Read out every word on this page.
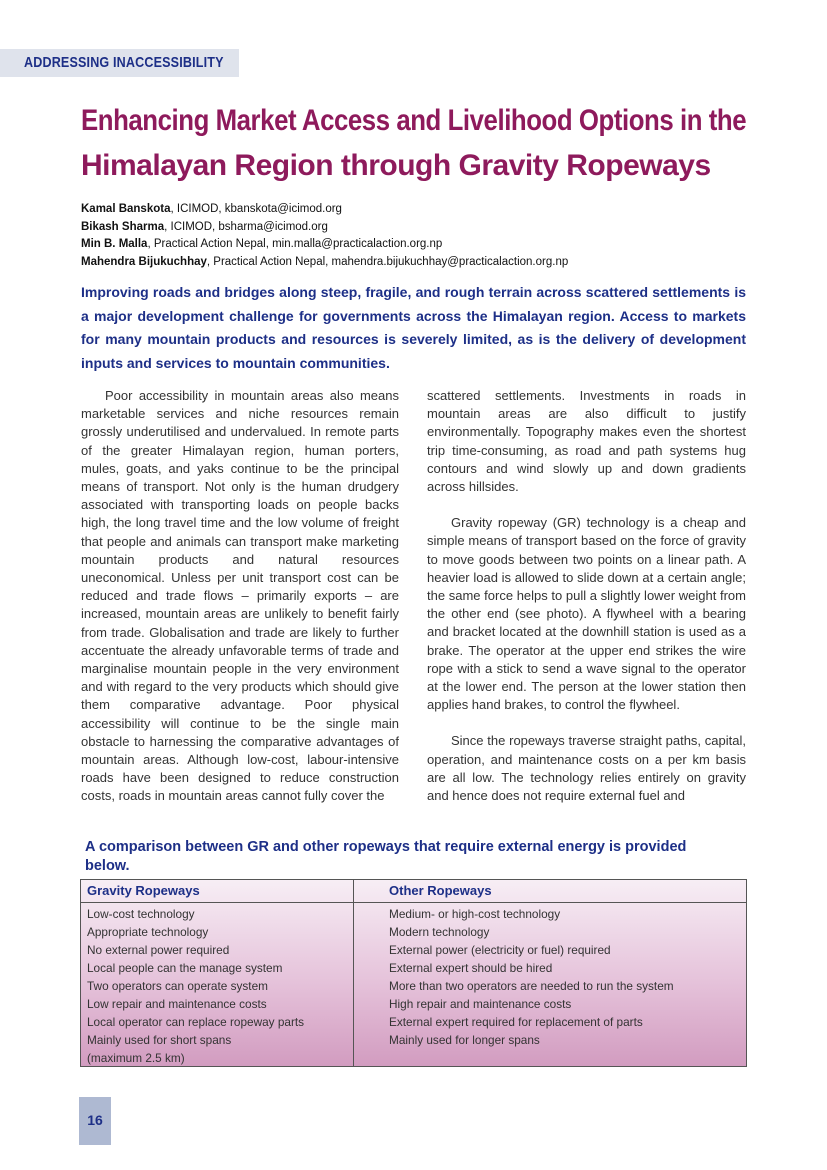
ADDRESSING INACCESSIBILITY
Enhancing Market Access and Livelihood Options in the Himalayan Region through Gravity Ropeways
Kamal Banskota, ICIMOD, kbanskota@icimod.org
Bikash Sharma, ICIMOD, bsharma@icimod.org
Min B. Malla, Practical Action Nepal, min.malla@practicalaction.org.np
Mahendra Bijukuchhay, Practical Action Nepal, mahendra.bijukuchhay@practicalaction.org.np
Improving roads and bridges along steep, fragile, and rough terrain across scattered settlements is a major development challenge for governments across the Himalayan region. Access to markets for many mountain products and resources is severely limited, as is the delivery of development inputs and services to mountain communities.

Poor accessibility in mountain areas also means marketable services and niche resources remain grossly underutilised and undervalued. In remote parts of the greater Himalayan region, human porters, mules, goats, and yaks continue to be the principal means of transport. Not only is the human drudgery associated with transporting loads on people backs high, the long travel time and the low volume of freight that people and animals can transport make marketing mountain products and natural resources uneconomical. Unless per unit transport cost can be reduced and trade flows – primarily exports – are increased, mountain areas are unlikely to benefit fairly from trade. Globalisation and trade are likely to further accentuate the already unfavorable terms of trade and marginalise mountain people in the very environment and with regard to the very products which should give them comparative advantage. Poor physical accessibility will continue to be the single main obstacle to harnessing the comparative advantages of mountain areas. Although low-cost, labour-intensive roads have been designed to reduce construction costs, roads in mountain areas cannot fully cover the

scattered settlements. Investments in roads in mountain areas are also difficult to justify environmentally. Topography makes even the shortest trip time-consuming, as road and path systems hug contours and wind slowly up and down gradients across hillsides.

Gravity ropeway (GR) technology is a cheap and simple means of transport based on the force of gravity to move goods between two points on a linear path. A heavier load is allowed to slide down at a certain angle; the same force helps to pull a slightly lower weight from the other end (see photo). A flywheel with a bearing and bracket located at the downhill station is used as a brake. The operator at the upper end strikes the wire rope with a stick to send a wave signal to the operator at the lower end. The person at the lower station then applies hand brakes, to control the flywheel.

Since the ropeways traverse straight paths, capital, operation, and maintenance costs on a per km basis are all low. The technology relies entirely on gravity and hence does not require external fuel and

A comparison between GR and other ropeways that require external energy is provided below.
Gravity Ropeways
Low-cost technology
Appropriate technology
No external power required
Local people can the manage system
Two operators can operate system
Low repair and maintenance costs
Local operator can replace ropeway parts
Mainly used for short spans
(maximum 2.5 km)
Other Ropeways
Medium- or high-cost technology
Modern technology
External power (electricity or fuel) required
External expert should be hired
More than two operators are needed to run the system
High repair and maintenance costs
External expert required for replacement of parts
Mainly used for longer spans
16
